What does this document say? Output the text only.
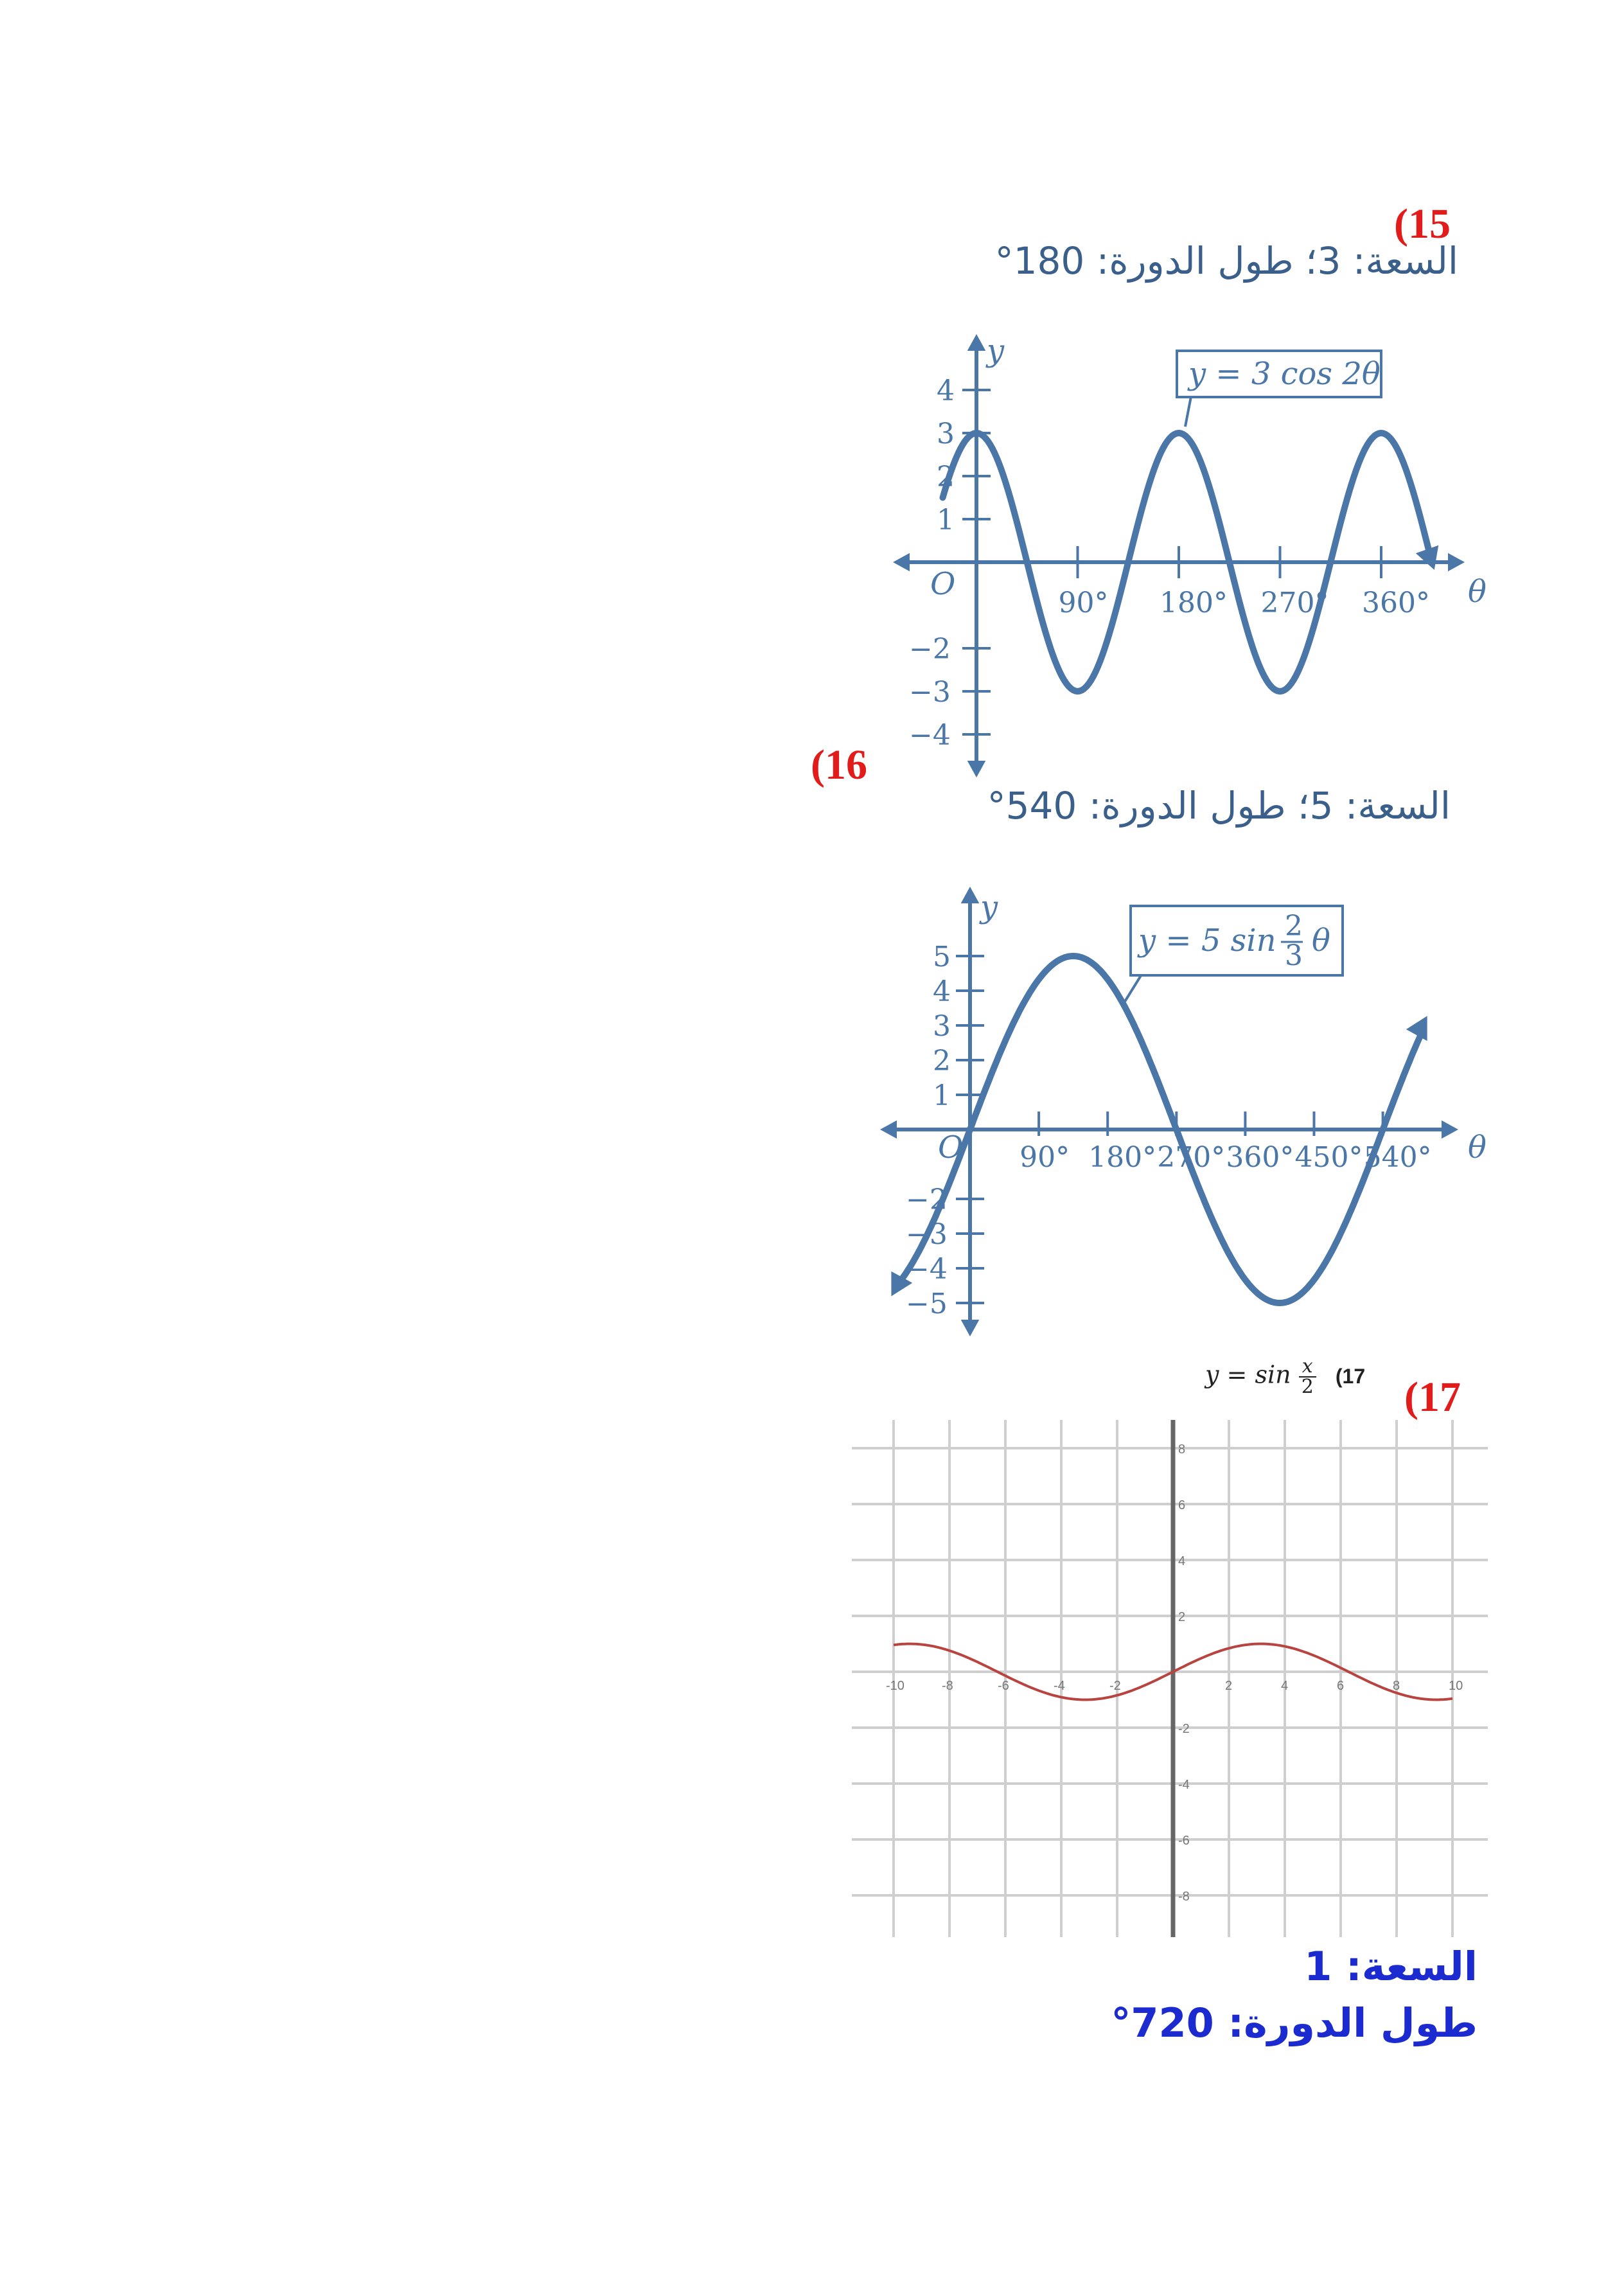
(15
السعة: 3؛ طول الدورة: 180°
y
θ
O
90° 180° 270° 360°
4
3
2
1
−2
−3
−4
y = 3 cos 2θ
(16
السعة: 5؛ طول الدورة: 540°
y
θ
O 90° 180° 270° 360° 450° 540°
5
4
3
2
1
−2
−3
−4
−5
y = 5 sin 2
3 θ
$y = \sin \frac{x}{2} (17$ (17
-10	-8	-6	-4	-2	2	4	6	8	10
8
6
4
2
-2
-4
-6
-8
السعة: 1
طول الدورة: 720°
